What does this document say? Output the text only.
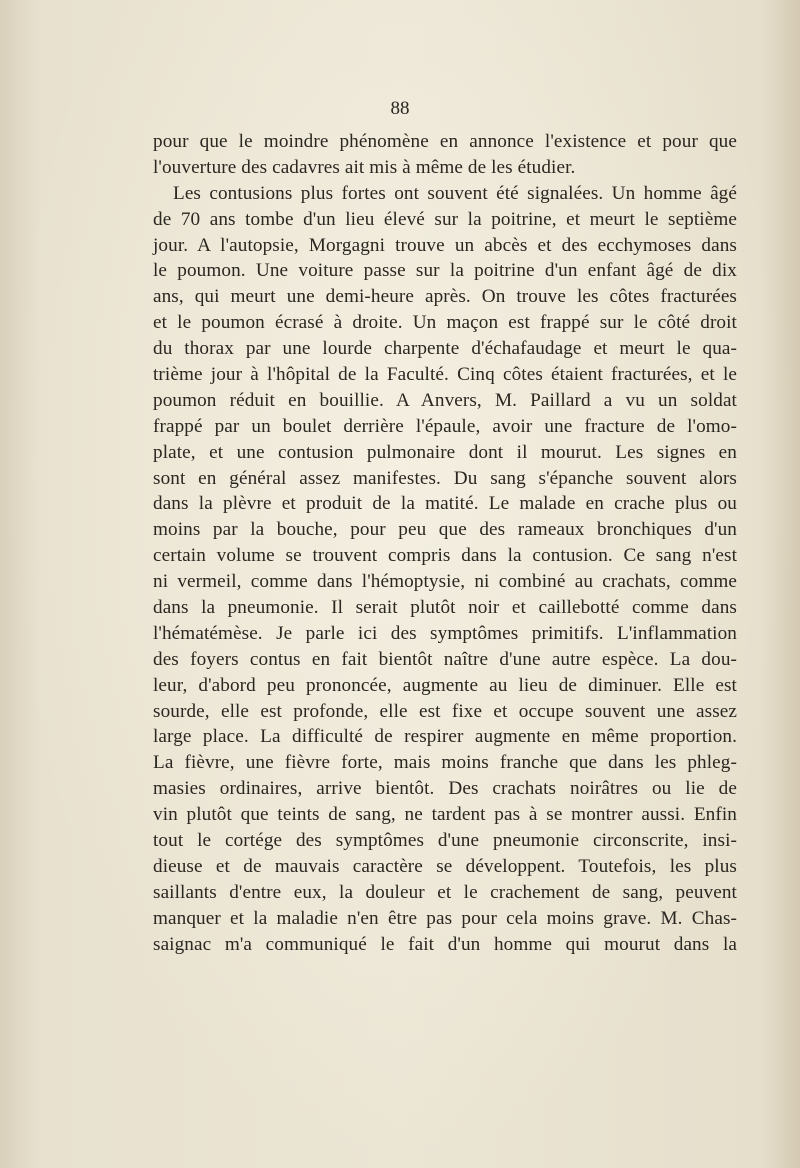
88
pour que le moindre phénomène en annonce l'existence et pour que
l'ouverture des cadavres ait mis à même de les étudier.
Les contusions plus fortes ont souvent été signalées. Un homme âgé
de 70 ans tombe d'un lieu élevé sur la poitrine, et meurt le septième
jour. A l'autopsie, Morgagni trouve un abcès et des ecchymoses dans
le poumon. Une voiture passe sur la poitrine d'un enfant âgé de dix
ans, qui meurt une demi-heure après. On trouve les côtes fracturées
et le poumon écrasé à droite. Un maçon est frappé sur le côté droit
du thorax par une lourde charpente d'échafaudage et meurt le qua-
trième jour à l'hôpital de la Faculté. Cinq côtes étaient fracturées, et le
poumon réduit en bouillie. A Anvers, M. Paillard a vu un soldat
frappé par un boulet derrière l'épaule, avoir une fracture de l'omo-
plate, et une contusion pulmonaire dont il mourut. Les signes en
sont en général assez manifestes. Du sang s'épanche souvent alors
dans la plèvre et produit de la matité. Le malade en crache plus ou
moins par la bouche, pour peu que des rameaux bronchiques d'un
certain volume se trouvent compris dans la contusion. Ce sang n'est
ni vermeil, comme dans l'hémoptysie, ni combiné au crachats, comme
dans la pneumonie. Il serait plutôt noir et caillebotté comme dans
l'hématémèse. Je parle ici des symptômes primitifs. L'inflammation
des foyers contus en fait bientôt naître d'une autre espèce. La dou-
leur, d'abord peu prononcée, augmente au lieu de diminuer. Elle est
sourde, elle est profonde, elle est fixe et occupe souvent une assez
large place. La difficulté de respirer augmente en même proportion.
La fièvre, une fièvre forte, mais moins franche que dans les phleg-
masies ordinaires, arrive bientôt. Des crachats noirâtres ou lie de
vin plutôt que teints de sang, ne tardent pas à se montrer aussi. Enfin
tout le cortége des symptômes d'une pneumonie circonscrite, insi-
dieuse et de mauvais caractère se développent. Toutefois, les plus
saillants d'entre eux, la douleur et le crachement de sang, peuvent
manquer et la maladie n'en être pas pour cela moins grave. M. Chas-
saignac m'a communiqué le fait d'un homme qui mourut dans la
